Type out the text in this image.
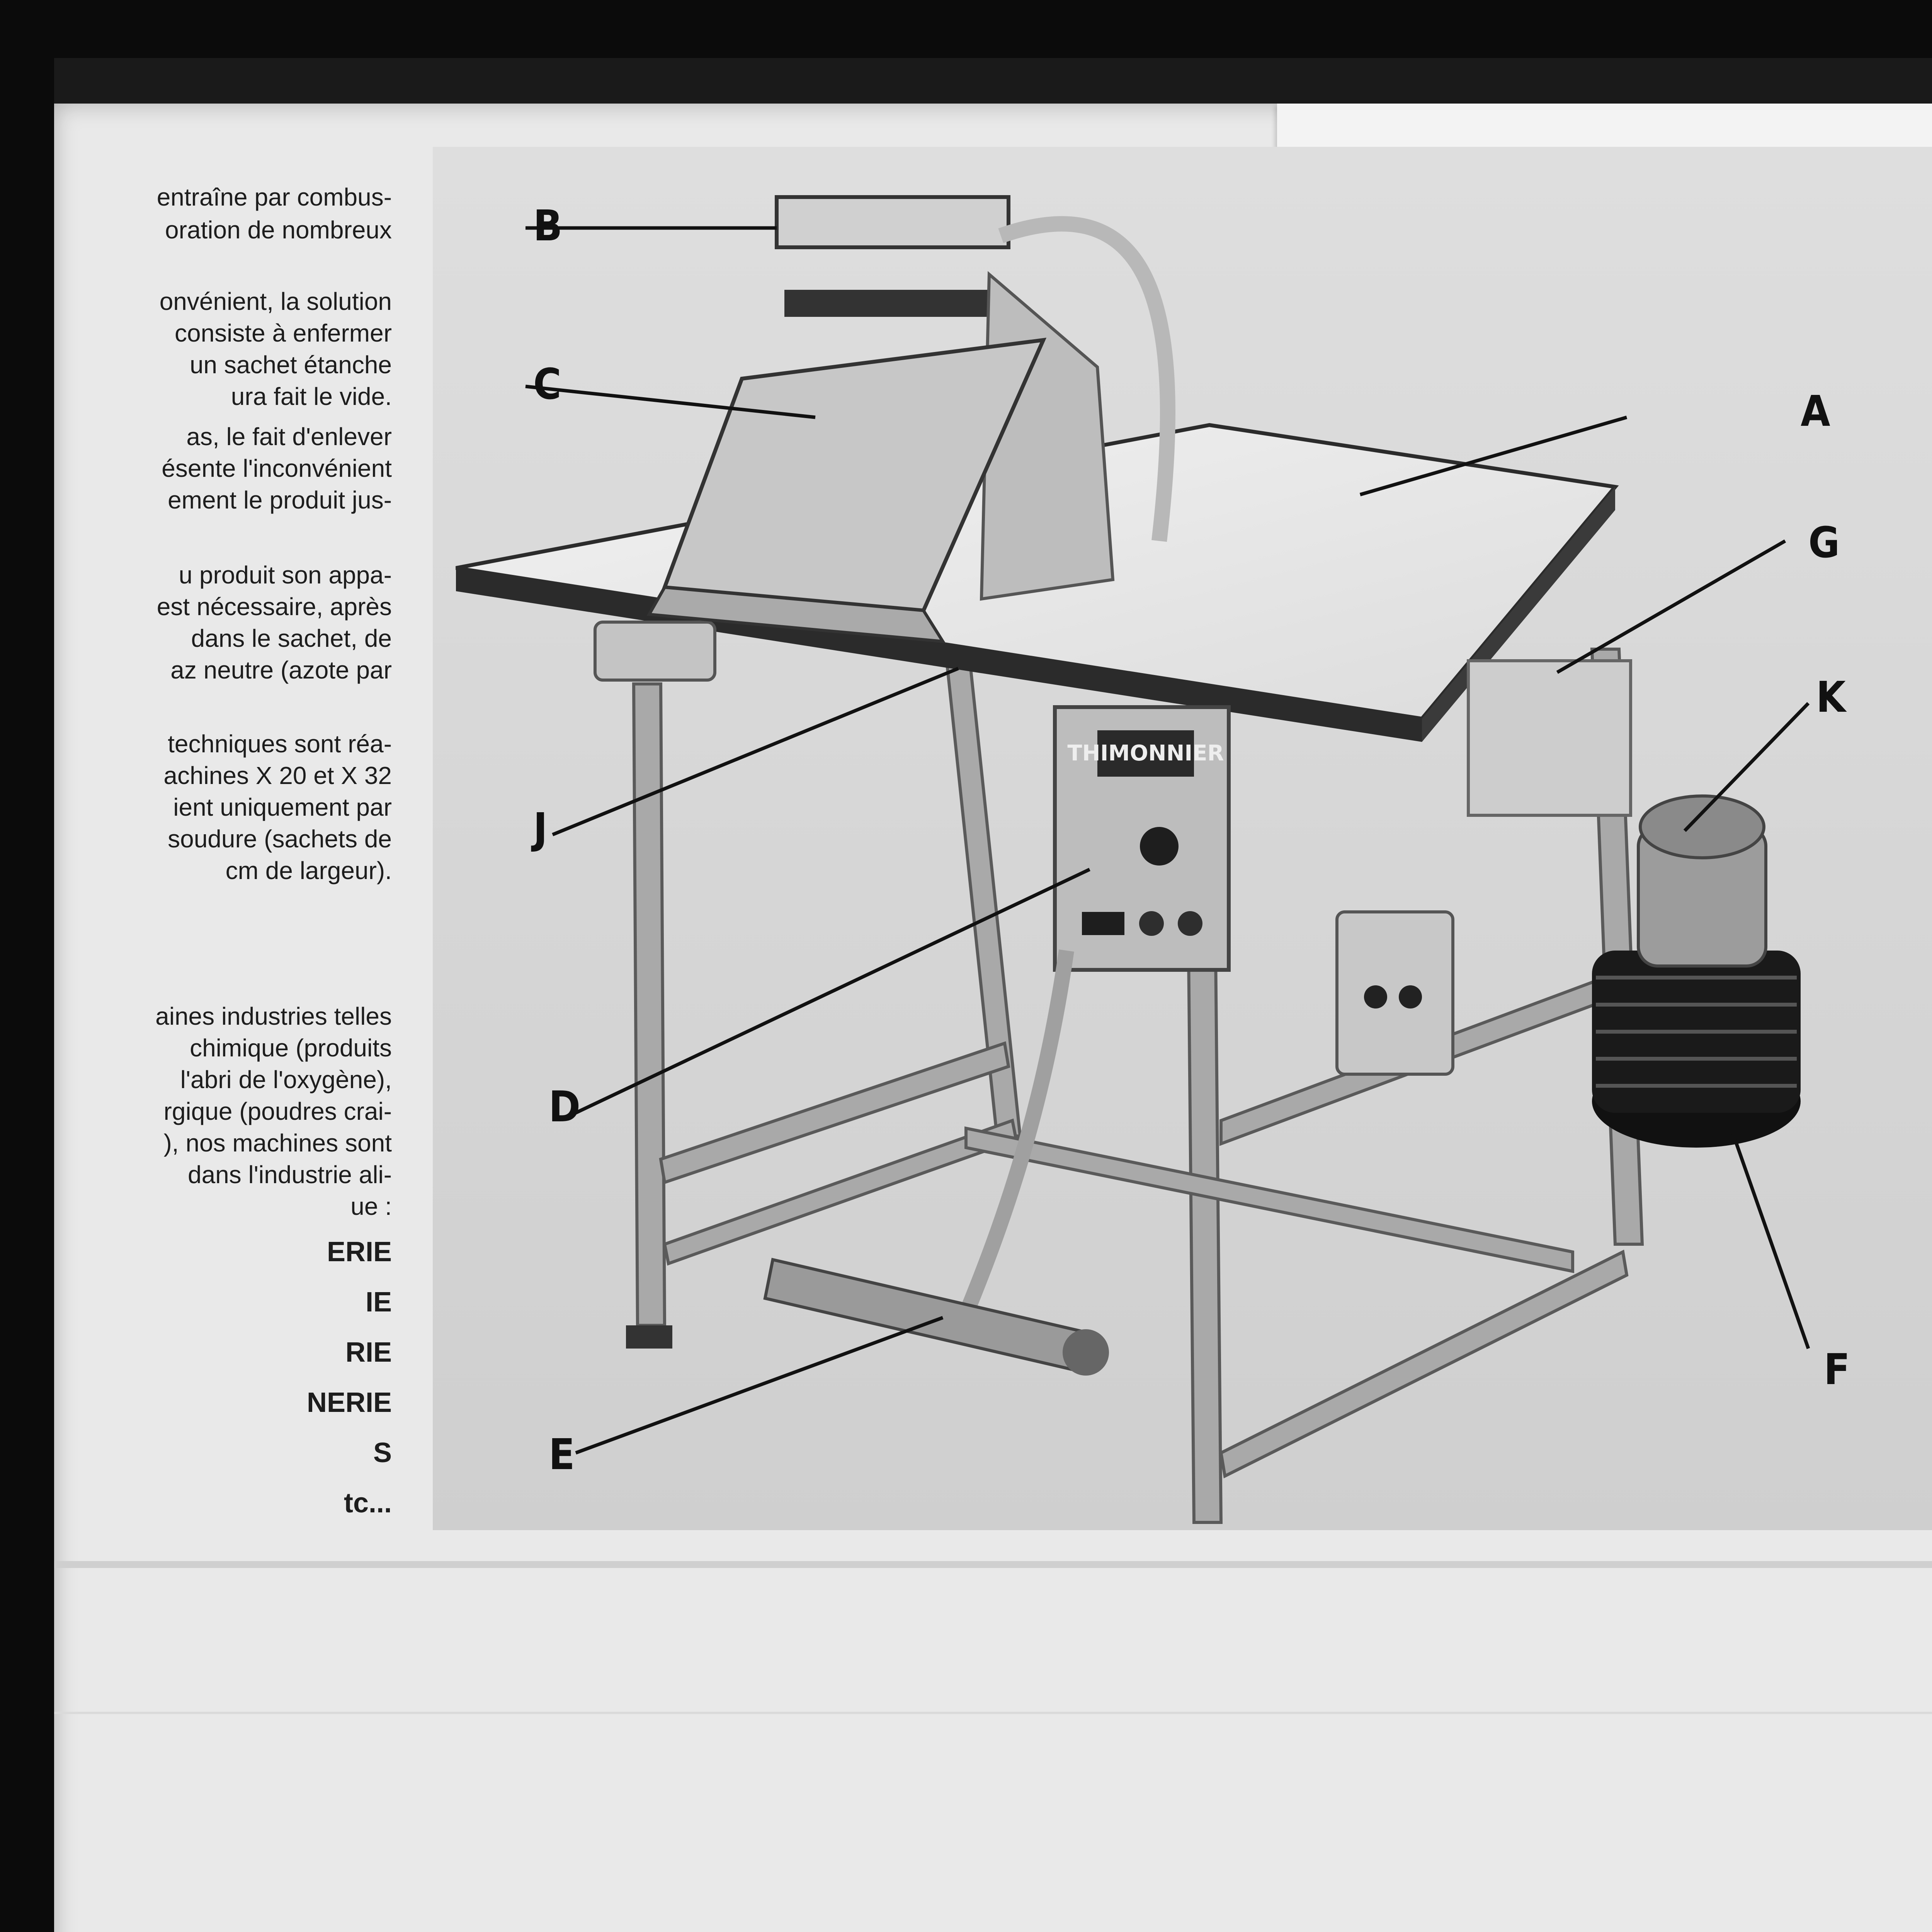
entraîne par combus-
oration de nombreux
onvénient, la solution
consiste à enfermer
un sachet étanche
ura fait le vide.
as, le fait d'enlever
ésente l'inconvénient
ement le produit jus-
u produit son appa-
est nécessaire, après
dans le sachet, de
az neutre (azote par
techniques sont réa-
achines X 20 et X 32
ient uniquement par
soudure (sachets de
cm de largeur).
aines industries telles
chimique (produits
l'abri de l'oxygène),
rgique (poudres crai-
), nos machines sont
dans l'industrie ali-
ue :
ERIE
IE
RIE
NERIE
S
tc...
THIMONNIER
B
C
A
G
K
J
D
F
E
